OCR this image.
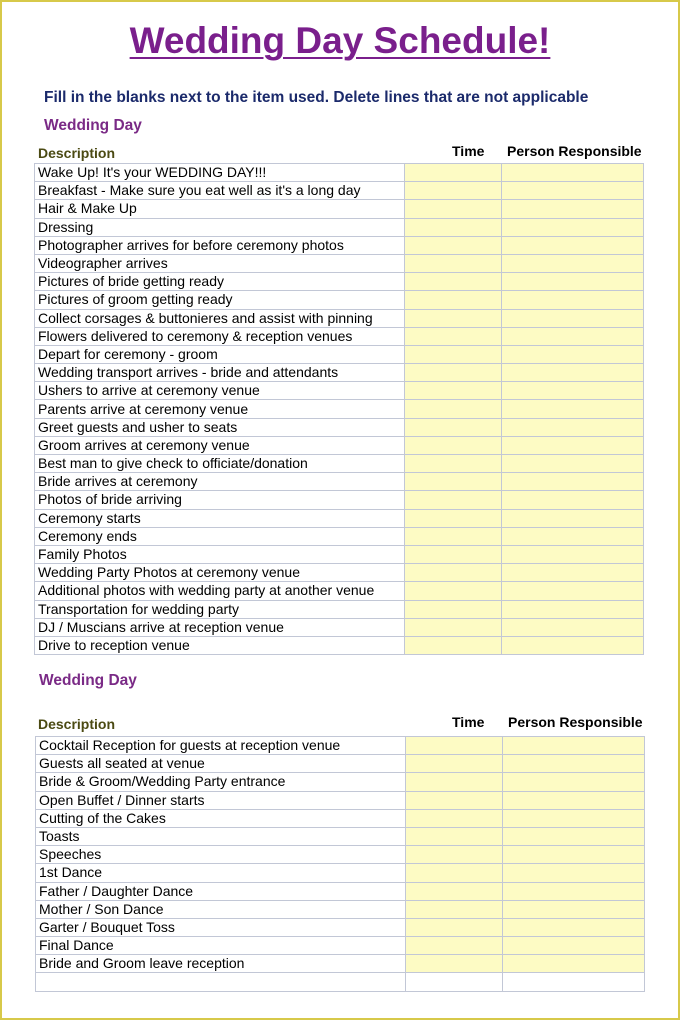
Wedding Day Schedule!
Fill in the blanks next to the item used. Delete lines that are not applicable
Wedding Day
Description	Time Person Responsible
Wake Up! It's your WEDDING DAY!!!		
Breakfast - Make sure you eat well as it's a long day		
Hair & Make Up		
Dressing		
Photographer arrives for before ceremony photos		
Videographer arrives		
Pictures of bride getting ready		
Pictures of groom getting ready		
Collect corsages & buttonieres and assist with pinning		
Flowers delivered to ceremony & reception venues		
Depart for ceremony - groom		
Wedding transport arrives - bride and attendants		
Ushers to arrive at ceremony venue		
Parents arrive at ceremony venue		
Greet guests and usher to seats		
Groom arrives at ceremony venue		
Best man to give check to officiate/donation		
Bride arrives at ceremony		
Photos of bride arriving		
Ceremony starts		
Ceremony ends		
Family Photos		
Wedding Party Photos at ceremony venue		
Additional photos with wedding party at another venue		
Transportation for wedding party		
DJ / Muscians arrive at reception venue		
Drive to reception venue		
Wedding Day
Description	Time Person Responsible
Cocktail Reception for guests at reception venue		
Guests all seated at venue		
Bride & Groom/Wedding Party entrance		
Open Buffet / Dinner starts		
Cutting of the Cakes		
Toasts		
Speeches		
1st Dance		
Father / Daughter Dance		
Mother / Son Dance		
Garter / Bouquet Toss		
Final Dance		
Bride and Groom leave reception		
